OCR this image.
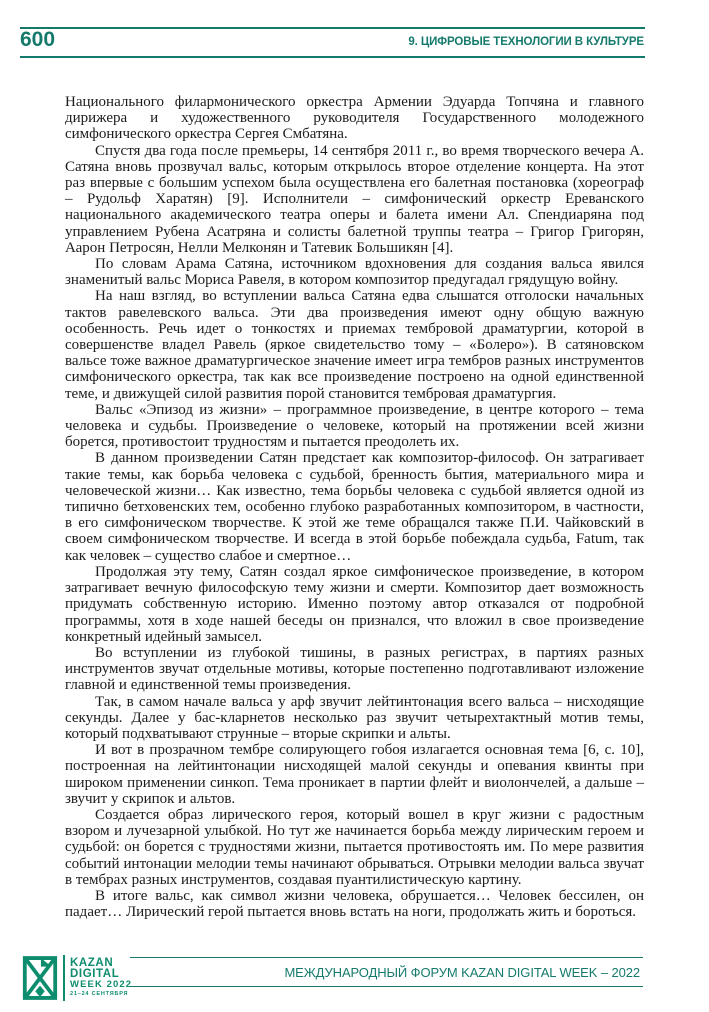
600	9. ЦИФРОВЫЕ ТЕХНОЛОГИИ В КУЛЬТУРЕ

Национального филармонического оркестра Армении Эдуарда Топчяна и главного дирижера и художественного руководителя Государственного молодежного симфонического оркестра Сергея Смбатяна.

Спустя два года после премьеры, 14 сентября 2011 г., во время творческого вечера А. Сатяна вновь прозвучал вальс, которым открылось второе отделение концерта. На этот раз впервые с большим успехом была осуществлена его балетная постановка (хореограф – Рудольф Харатян) [9]. Исполнители – симфонический оркестр Ереванского национального академического театра оперы и балета имени Ал. Спендиаряна под управлением Рубена Асатряна и солисты балетной труппы театра – Григор Григорян, Аарон Петросян, Нелли Мелконян и Татевик Большикян [4].

По словам Арама Сатяна, источником вдохновения для создания вальса явился знаменитый вальс Мориса Равеля, в котором композитор предугадал грядущую войну.

На наш взгляд, во вступлении вальса Сатяна едва слышатся отголоски начальных тактов равелевского вальса. Эти два произведения имеют одну общую важную особенность. Речь идет о тонкостях и приемах тембровой драматургии, которой в совершенстве владел Равель (яркое свидетельство тому – «Болеро»). В сатяновском вальсе тоже важное драматургическое значение имеет игра тембров разных инструментов симфонического оркестра, так как все произведение построено на одной единственной теме, и движущей силой развития порой становится тембровая драматургия.

Вальс «Эпизод из жизни» – программное произведение, в центре которого – тема человека и судьбы. Произведение о человеке, который на протяжении всей жизни борется, противостоит трудностям и пытается преодолеть их.

В данном произведении Сатян предстает как композитор-философ. Он затрагивает такие темы, как борьба человека с судьбой, бренность бытия, материального мира и человеческой жизни… Как известно, тема борьбы человека с судьбой является одной из типично бетховенских тем, особенно глубоко разработанных композитором, в частности, в его симфоническом творчестве. К этой же теме обращался также П.И. Чайковский в своем симфоническом творчестве. И всегда в этой борьбе побеждала судьба, Fatum, так как человек – существо слабое и смертное…

Продолжая эту тему, Сатян создал яркое симфоническое произведение, в котором затрагивает вечную философскую тему жизни и смерти. Композитор дает возможность придумать собственную историю. Именно поэтому автор отказался от подробной программы, хотя в ходе нашей беседы он признался, что вложил в свое произведение конкретный идейный замысел.

Во вступлении из глубокой тишины, в разных регистрах, в партиях разных инструментов звучат отдельные мотивы, которые постепенно подготавливают изложение главной и единственной темы произведения.

Так, в самом начале вальса у арф звучит лейтинтонация всего вальса – нисходящие секунды. Далее у бас-кларнетов несколько раз звучит четырехтактный мотив темы, который подхватывают струнные – вторые скрипки и альты.

И вот в прозрачном тембре солирующего гобоя излагается основная тема [6, с. 10], построенная на лейтинтонации нисходящей малой секунды и опевания квинты при широком применении синкоп. Тема проникает в партии флейт и виолончелей, а дальше – звучит у скрипок и альтов.

Создается образ лирического героя, который вошел в круг жизни с радостным взором и лучезарной улыбкой. Но тут же начинается борьба между лирическим героем и судьбой: он борется с трудностями жизни, пытается противостоять им. По мере развития событий интонации мелодии темы начинают обрываться. Отрывки мелодии вальса звучат в тембрах разных инструментов, создавая пуантилистическую картину.

В итоге вальс, как символ жизни человека, обрушается… Человек бессилен, он падает… Лирический герой пытается вновь встать на ноги, продолжать жить и бороться.

KAZAN
DIGITAL
WEEK 2022
21–24 СЕНТЯБРЯ
МЕЖДУНАРОДНЫЙ ФОРУМ KAZAN DIGITAL WEEK – 2022
